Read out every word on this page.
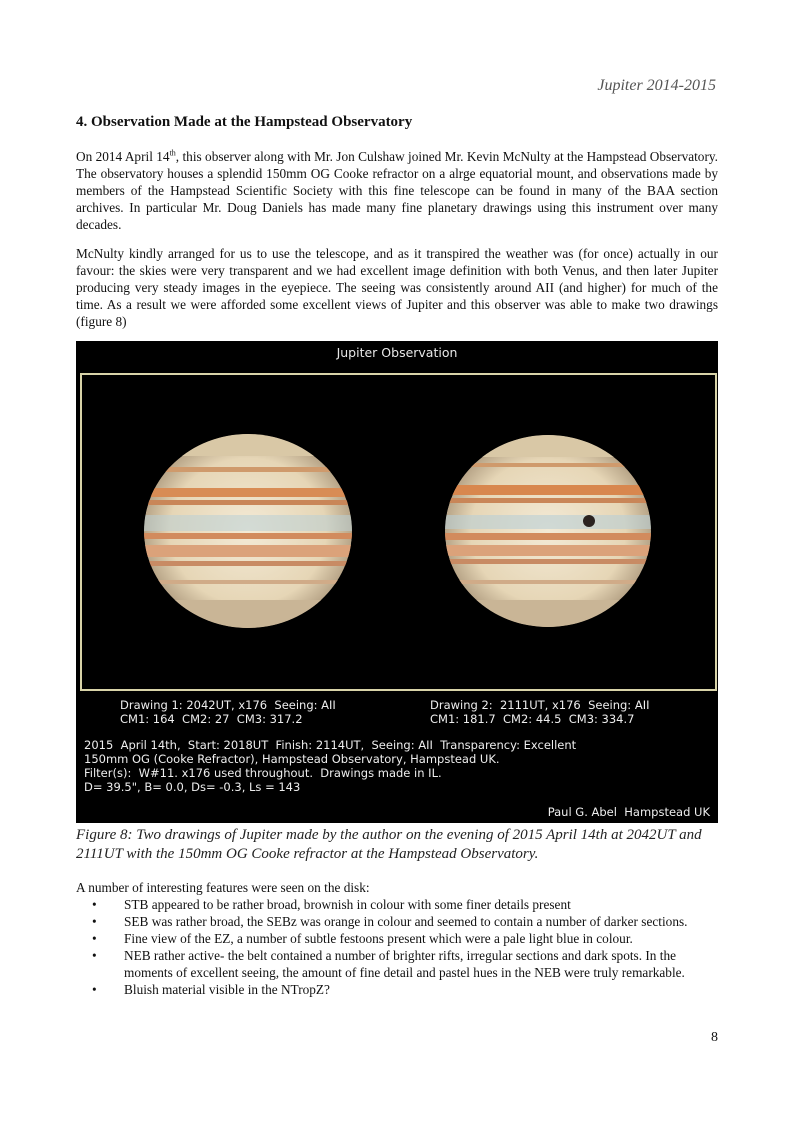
Jupiter 2014-2015
4. Observation Made at the Hampstead Observatory
On 2014 April 14th, this observer along with Mr. Jon Culshaw joined Mr. Kevin McNulty at the Hampstead Observatory. The observatory houses a splendid 150mm OG Cooke refractor on a alrge equatorial mount, and observations made by members of the Hampstead Scientific Society with this fine telescope can be found in many of the BAA section archives. In particular Mr. Doug Daniels has made many fine planetary drawings using this instrument over many decades.
McNulty kindly arranged for us to use the telescope, and as it transpired the weather was (for once) actually in our favour: the skies were very transparent and we had excellent image definition with both Venus, and then later Jupiter producing very steady images in the eyepiece. The seeing was consistently around AII (and higher) for much of the time. As a result we were afforded some excellent views of Jupiter and this observer was able to make two drawings (figure 8)
Jupiter Observation
Drawing 1: 2042UT, x176  Seeing: AII
CM1: 164  CM2: 27  CM3: 317.2
Drawing 2:  2111UT, x176  Seeing: AII
CM1: 181.7  CM2: 44.5  CM3: 334.7
2015  April 14th,  Start: 2018UT  Finish: 2114UT,  Seeing: AII  Transparency: Excellent
150mm OG (Cooke Refractor), Hampstead Observatory, Hampstead UK.
Filter(s):  W#11. x176 used throughout.  Drawings made in IL.
D= 39.5", B= 0.0, Ds= -0.3, Ls = 143
Paul G. Abel  Hampstead UK
Figure 8: Two drawings of Jupiter made by the author on the evening of 2015 April 14th at 2042UT and 2111UT with the 150mm OG Cooke refractor at the Hampstead Observatory.
A number of interesting features were seen on the disk:
• STB appeared to be rather broad, brownish in colour with some finer details present
• SEB was rather broad, the SEBz was orange in colour and seemed to contain a number of darker sections.
• Fine view of the EZ, a number of subtle festoons present which were a pale light blue in colour.
• NEB rather active- the belt contained a number of brighter rifts, irregular sections and dark spots. In the moments of excellent seeing, the amount of fine detail and pastel hues in the NEB were truly remarkable.
• Bluish material visible in the NTropZ?
8
